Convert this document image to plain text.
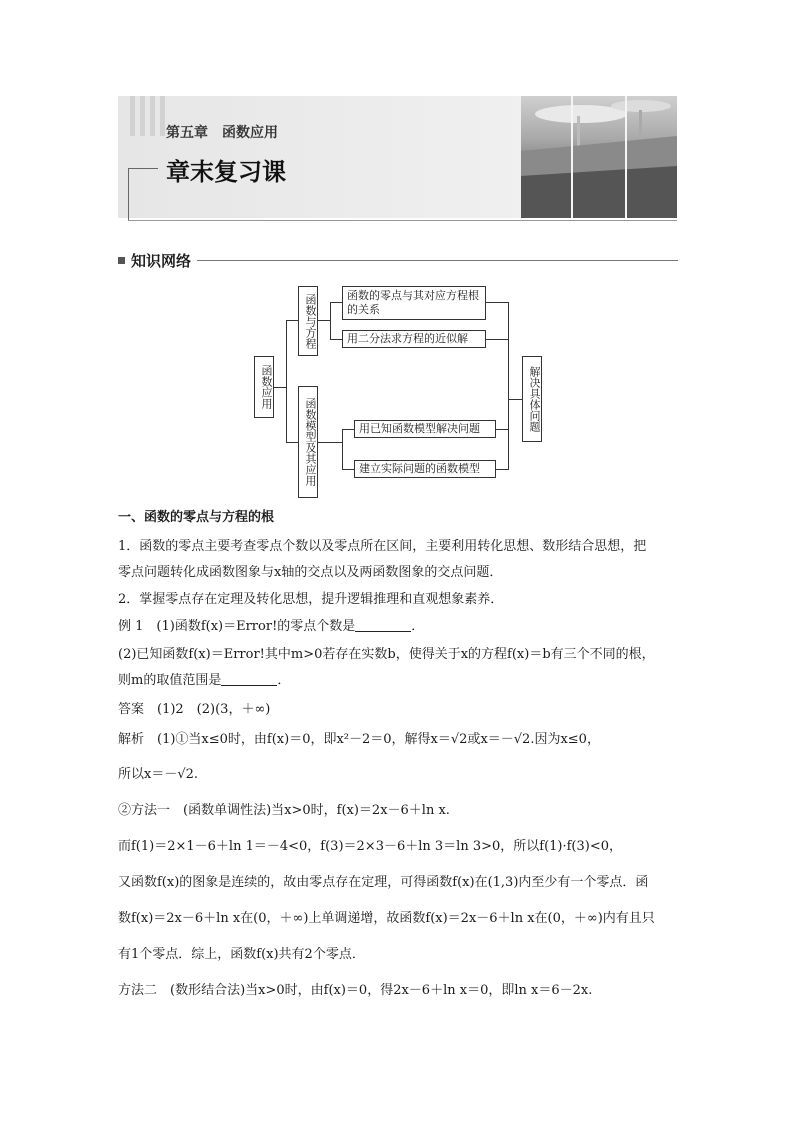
第五章　函数应用
章末复习课
知识网络
函数应用
函数与方程
函数模型及其应用
函数的零点与其对应方程根的关系
用二分法求方程的近似解
用已知函数模型解决问题
建立实际问题的函数模型
解决具体问题
一、函数的零点与方程的根
1．函数的零点主要考查零点个数以及零点所在区间，主要利用转化思想、数形结合思想，把
零点问题转化成函数图象与x轴的交点以及两函数图象的交点问题．
2．掌握零点存在定理及转化思想，提升逻辑推理和直观想象素养．
例 1　(1)函数f(x)＝Error!的零点个数是	．
(2)已知函数f(x)＝Error!其中m>0若存在实数b，使得关于x的方程f(x)＝b有三个不同的根，
则m的取值范围是	．
答案　(1)2　(2)(3，＋∞)
解析　(1)①当x≤0时，由f(x)＝0，即x²－2＝0，解得x＝√2或x＝－√2.因为x≤0，
所以x＝－√2.
②方法一　(函数单调性法)当x>0时，f(x)＝2x－6＋ln x.
而f(1)＝2×1－6＋ln 1＝－4<0，f(3)＝2×3－6＋ln 3＝ln 3>0，所以f(1)·f(3)<0，
又函数f(x)的图象是连续的，故由零点存在定理，可得函数f(x)在(1,3)内至少有一个零点．函
数f(x)＝2x－6＋ln x在(0，＋∞)上单调递增，故函数f(x)＝2x－6＋ln x在(0，＋∞)内有且只
有1个零点．综上，函数f(x)共有2个零点．
方法二　(数形结合法)当x>0时，由f(x)＝0，得2x－6＋ln x＝0，即ln x＝6－2x.
